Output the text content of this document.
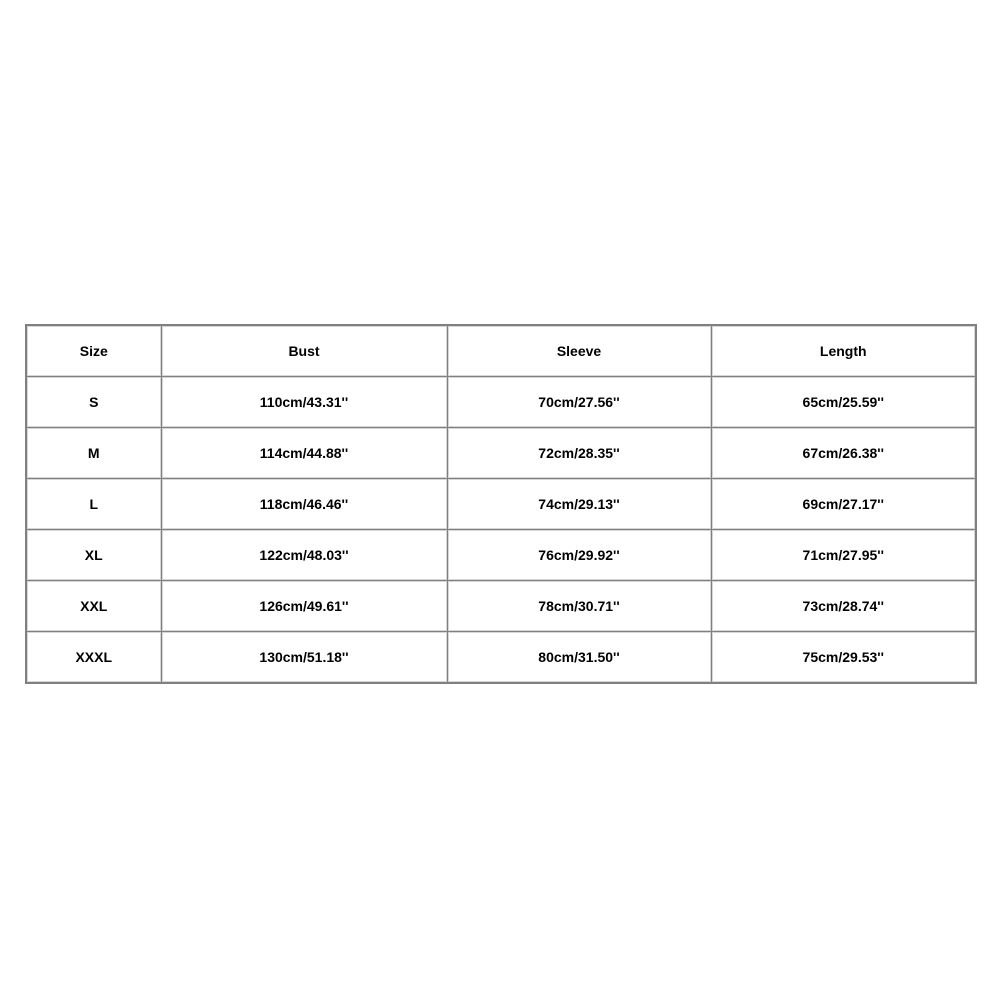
Size	Bust	Sleeve	Length
S	110cm/43.31''	70cm/27.56''	65cm/25.59''
M	114cm/44.88''	72cm/28.35''	67cm/26.38''
L	118cm/46.46''	74cm/29.13''	69cm/27.17''
XL	122cm/48.03''	76cm/29.92''	71cm/27.95''
XXL	126cm/49.61''	78cm/30.71''	73cm/28.74''
XXXL	130cm/51.18''	80cm/31.50''	75cm/29.53''
